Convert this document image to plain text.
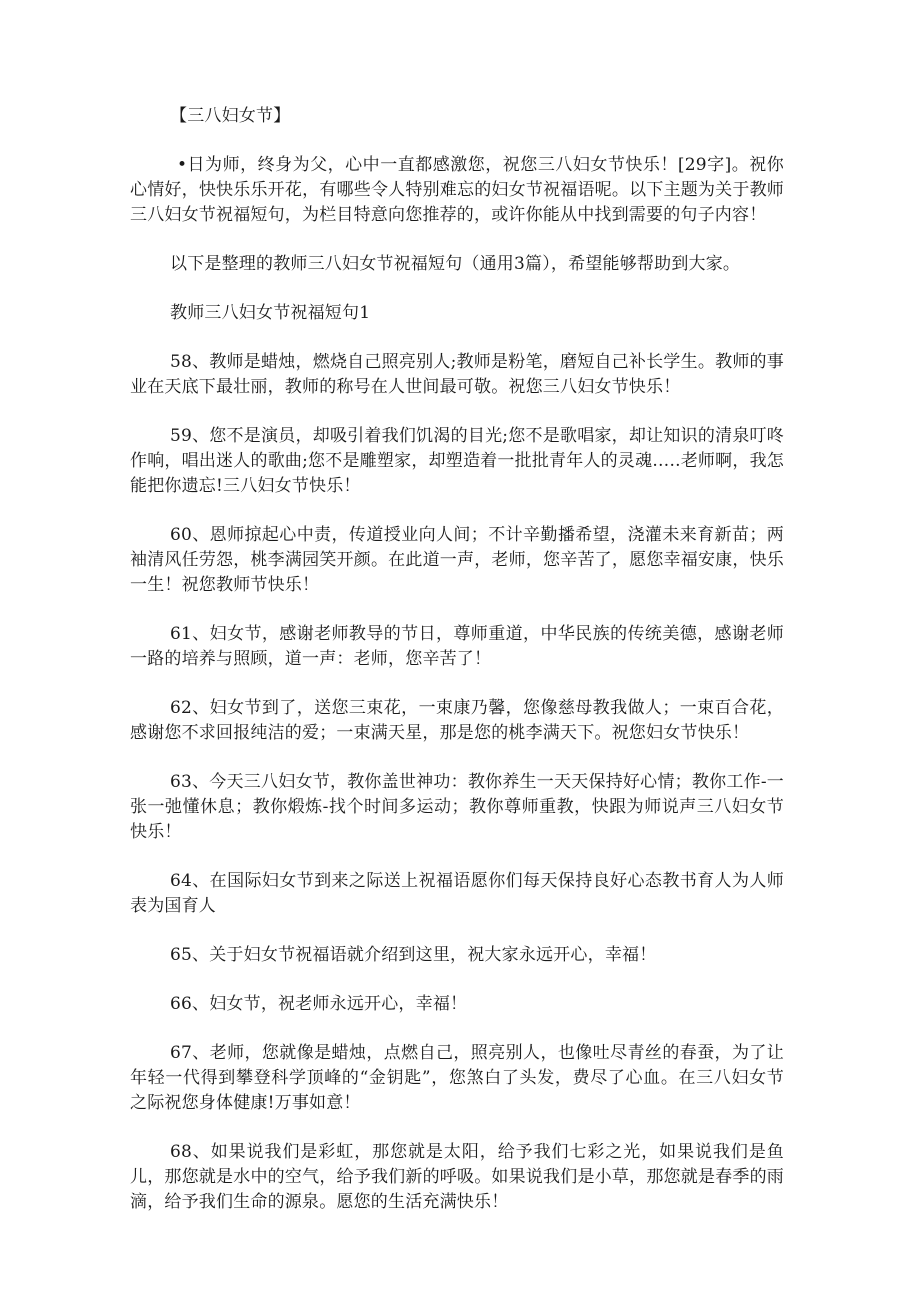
【三八妇女节】

•日为师，终身为父，心中一直都感激您，祝您三八妇女节快乐！[29字]。祝你心情好，快快乐乐开花，有哪些令人特别难忘的妇女节祝福语呢。以下主题为关于教师三八妇女节祝福短句，为栏目特意向您推荐的，或许你能从中找到需要的句子内容！

以下是整理的教师三八妇女节祝福短句（通用3篇），希望能够帮助到大家。

教师三八妇女节祝福短句1

58、教师是蜡烛，燃烧自己照亮别人;教师是粉笔，磨短自己补长学生。教师的事业在天底下最壮丽，教师的称号在人世间最可敬。祝您三八妇女节快乐！

59、您不是演员，却吸引着我们饥渴的目光;您不是歌唱家，却让知识的清泉叮咚作响，唱出迷人的歌曲;您不是雕塑家，却塑造着一批批青年人的灵魂…..老师啊，我怎能把你遗忘!三八妇女节快乐！

60、恩师掠起心中责，传道授业向人间；不计辛勤播希望，浇灌未来育新苗；两袖清风任劳怨，桃李满园笑开颜。在此道一声，老师，您辛苦了，愿您幸福安康，快乐一生！祝您教师节快乐！

61、妇女节，感谢老师教导的节日，尊师重道，中华民族的传统美德，感谢老师一路的培养与照顾，道一声：老师，您辛苦了！

62、妇女节到了，送您三束花，一束康乃馨，您像慈母教我做人；一束百合花，感谢您不求回报纯洁的爱；一束满天星，那是您的桃李满天下。祝您妇女节快乐！

63、今天三八妇女节，教你盖世神功：教你养生一天天保持好心情；教你工作-一张一弛懂休息；教你煅炼-找个时间多运动；教你尊师重教，快跟为师说声三八妇女节快乐！

64、在国际妇女节到来之际送上祝福语愿你们每天保持良好心态教书育人为人师表为国育人

65、关于妇女节祝福语就介绍到这里，祝大家永远开心，幸福！

66、妇女节，祝老师永远开心，幸福！

67、老师，您就像是蜡烛，点燃自己，照亮别人，也像吐尽青丝的春蚕，为了让年轻一代得到攀登科学顶峰的“金钥匙”，您煞白了头发，费尽了心血。在三八妇女节之际祝您身体健康!万事如意！

68、如果说我们是彩虹，那您就是太阳，给予我们七彩之光，如果说我们是鱼儿，那您就是水中的空气，给予我们新的呼吸。如果说我们是小草，那您就是春季的雨滴，给予我们生命的源泉。愿您的生活充满快乐！
